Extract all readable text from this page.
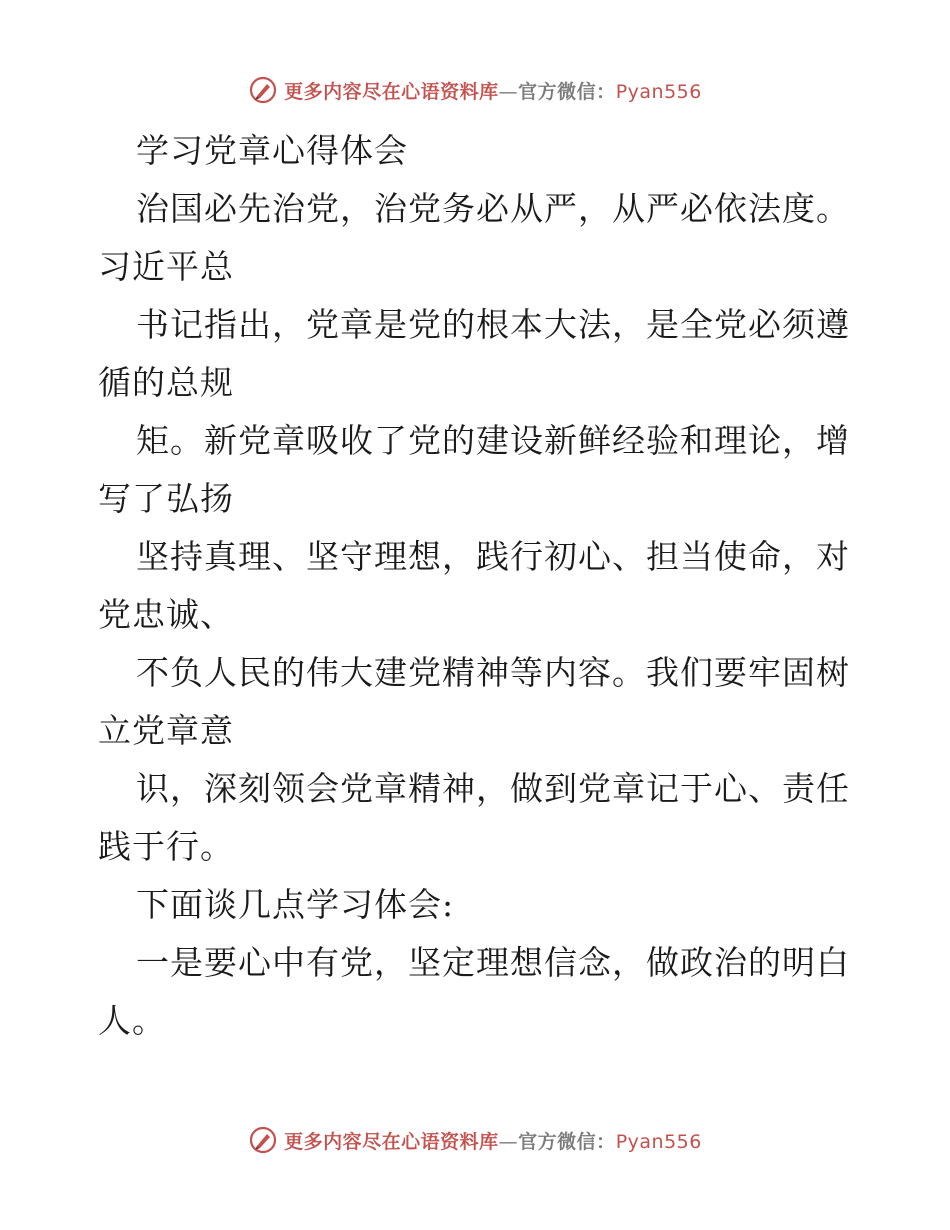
更多内容尽在心语资料库—官方微信：Pyan556
学习党章心得体会
治国必先治党，治党务必从严，从严必依法度。
习近平总
书记指出，党章是党的根本大法，是全党必须遵
循的总规
矩。新党章吸收了党的建设新鲜经验和理论，增
写了弘扬
坚持真理、坚守理想，践行初心、担当使命，对
党忠诚、
不负人民的伟大建党精神等内容。我们要牢固树
立党章意
识，深刻领会党章精神，做到党章记于心、责任
践于行。
下面谈几点学习体会:
一是要心中有党，坚定理想信念，做政治的明白
人。
更多内容尽在心语资料库—官方微信：Pyan556
